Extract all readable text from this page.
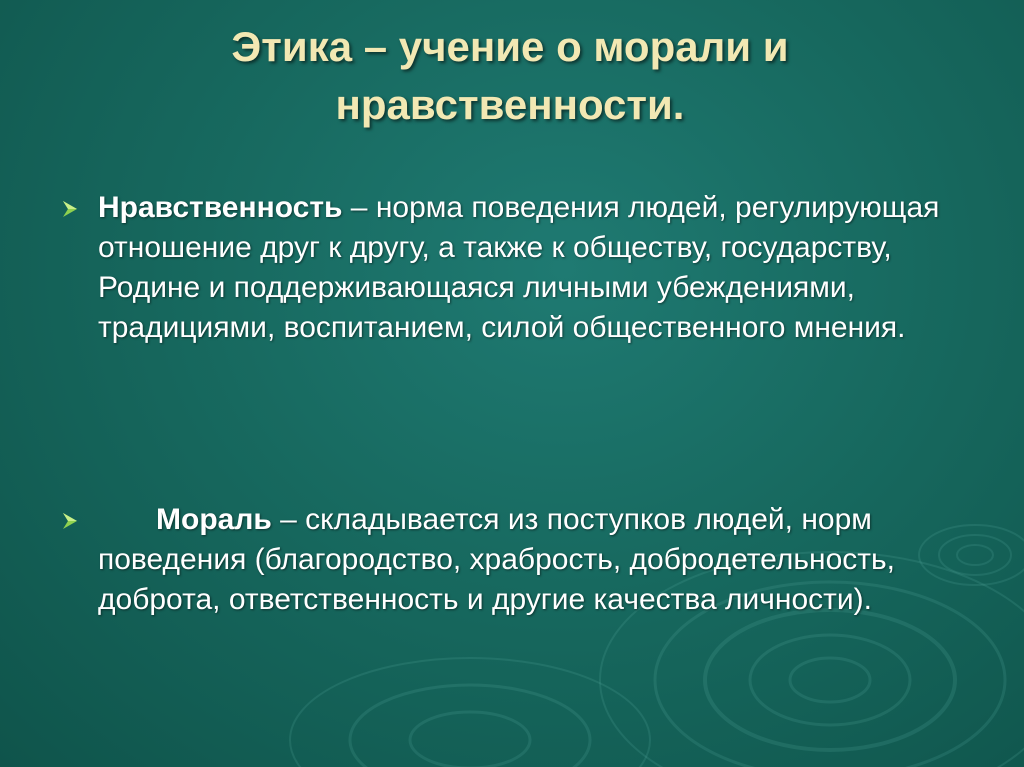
Этика – учение о морали и
нравственности.
Нравственность – норма поведения людей, регулирующая отношение друг к другу, а также к обществу, государству, Родине и поддерживающаяся личными убеждениями, традициями, воспитанием, силой общественного мнения.
Мораль – складывается из поступков людей, норм поведения (благородство, храбрость, добродетельность, доброта, ответственность и другие качества личности).
